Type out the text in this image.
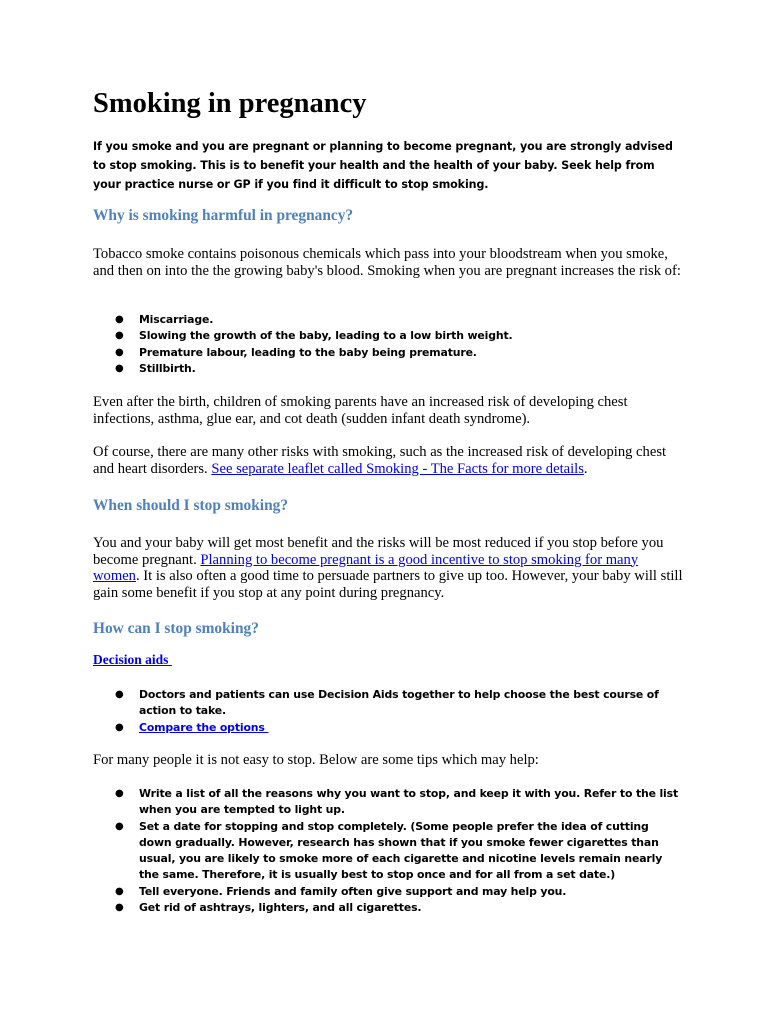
Smoking in pregnancy

If you smoke and you are pregnant or planning to become pregnant, you are strongly advised to stop smoking. This is to benefit your health and the health of your baby. Seek help from your practice nurse or GP if you find it difficult to stop smoking.

Why is smoking harmful in pregnancy?

Tobacco smoke contains poisonous chemicals which pass into your bloodstream when you smoke, and then on into the the growing baby's blood. Smoking when you are pregnant increases the risk of:

● Miscarriage.
● Slowing the growth of the baby, leading to a low birth weight.
● Premature labour, leading to the baby being premature.
● Stillbirth.

Even after the birth, children of smoking parents have an increased risk of developing chest infections, asthma, glue ear, and cot death (sudden infant death syndrome).

Of course, there are many other risks with smoking, such as the increased risk of developing chest and heart disorders. See separate leaflet called Smoking - The Facts for more details.

When should I stop smoking?

You and your baby will get most benefit and the risks will be most reduced if you stop before you become pregnant. Planning to become pregnant is a good incentive to stop smoking for many women. It is also often a good time to persuade partners to give up too. However, your baby will still gain some benefit if you stop at any point during pregnancy.

How can I stop smoking?
Decision aids
● Doctors and patients can use Decision Aids together to help choose the best course of action to take.
● Compare the options

For many people it is not easy to stop. Below are some tips which may help:

● Write a list of all the reasons why you want to stop, and keep it with you. Refer to the list when you are tempted to light up.
● Set a date for stopping and stop completely. (Some people prefer the idea of cutting down gradually. However, research has shown that if you smoke fewer cigarettes than usual, you are likely to smoke more of each cigarette and nicotine levels remain nearly the same. Therefore, it is usually best to stop once and for all from a set date.)
● Tell everyone. Friends and family often give support and may help you.
● Get rid of ashtrays, lighters, and all cigarettes.
